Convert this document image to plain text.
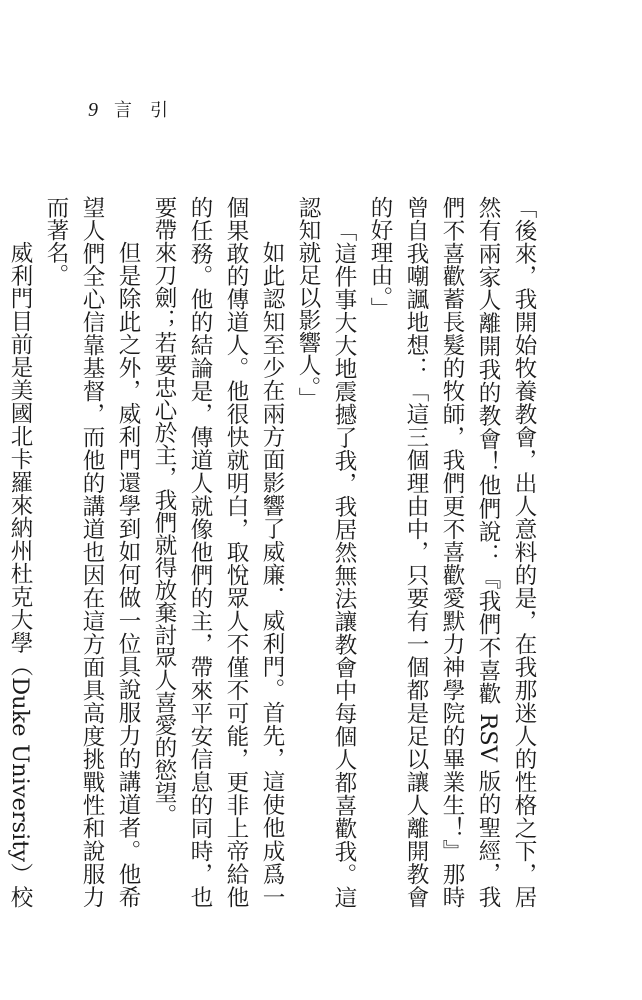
9 言引

「後來，我開始牧養教會，出人意料的是，在我那迷人的性格之下，居然有兩家人離開我的教會！他們說：『我們不喜歡 RSV 版的聖經，我們不喜歡蓄長髮的牧師，我們更不喜歡愛默力神學院的畢業生！』那時曾自我嘲諷地想：「這三個理由中，只要有一個都是足以讓人離開教會的好理由。」

「這件事大大地震撼了我，我居然無法讓教會中每個人都喜歡我。這認知就足以影響人。」

如此認知至少在兩方面影響了威廉．威利門。首先，這使他成爲一個果敢的傳道人。他很快就明白，取悅眾人不僅不可能，更非上帝給他的任務。他的結論是，傳道人就像他們的主，帶來平安信息的同時，也要帶來刀劍；若要忠心於主，我們就得放棄討眾人喜愛的慾望。

但是除此之外，威利門還學到如何做一位具說服力的講道者。他希望人們全心信靠基督，而他的講道也因在這方面具高度挑戰性和說服力而著名。

威利門目前是美國北卡羅來納州杜克大學（Duke University）校
